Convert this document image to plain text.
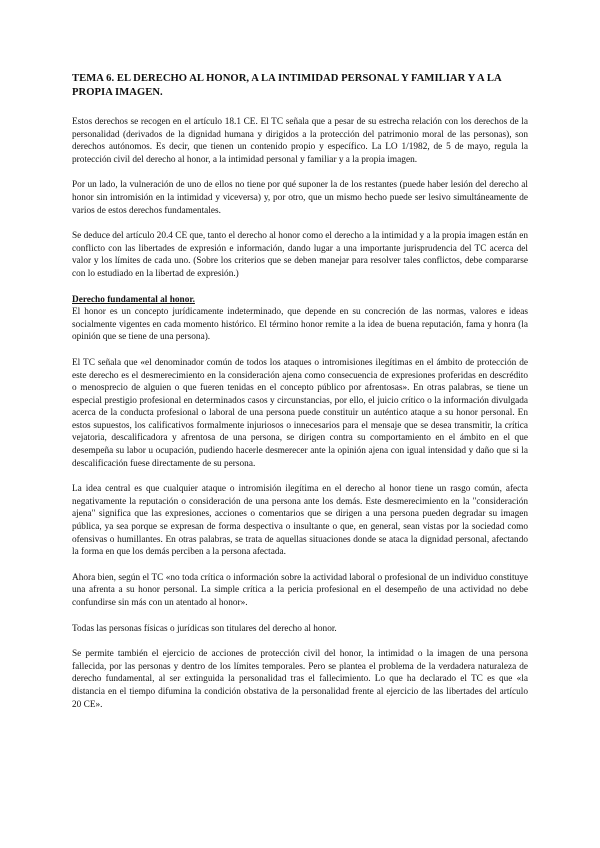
TEMA 6. EL DERECHO AL HONOR, A LA INTIMIDAD PERSONAL Y FAMILIAR Y A LA PROPIA IMAGEN.

Estos derechos se recogen en el artículo 18.1 CE. El TC señala que a pesar de su estrecha relación con los derechos de la personalidad (derivados de la dignidad humana y dirigidos a la protección del patrimonio moral de las personas), son derechos autónomos. Es decir, que tienen un contenido propio y específico. La LO 1/1982, de 5 de mayo, regula la protección civil del derecho al honor, a la intimidad personal y familiar y a la propia imagen.

Por un lado, la vulneración de uno de ellos no tiene por qué suponer la de los restantes (puede haber lesión del derecho al honor sin intromisión en la intimidad y viceversa) y, por otro, que un mismo hecho puede ser lesivo simultáneamente de varios de estos derechos fundamentales.

Se deduce del artículo 20.4 CE que, tanto el derecho al honor como el derecho a la intimidad y a la propia imagen están en conflicto con las libertades de expresión e información, dando lugar a una importante jurisprudencia del TC acerca del valor y los límites de cada uno. (Sobre los criterios que se deben manejar para resolver tales conflictos, debe compararse con lo estudiado en la libertad de expresión.)

Derecho fundamental al honor.

El honor es un concepto jurídicamente indeterminado, que depende en su concreción de las normas, valores e ideas socialmente vigentes en cada momento histórico. El término honor remite a la idea de buena reputación, fama y honra (la opinión que se tiene de una persona).

El TC señala que «el denominador común de todos los ataques o intromisiones ilegítimas en el ámbito de protección de este derecho es el desmerecimiento en la consideración ajena como consecuencia de expresiones proferidas en descrédito o menosprecio de alguien o que fueren tenidas en el concepto público por afrentosas». En otras palabras, se tiene un especial prestigio profesional en determinados casos y circunstancias, por ello, el juicio crítico o la información divulgada acerca de la conducta profesional o laboral de una persona puede constituir un auténtico ataque a su honor personal. En estos supuestos, los calificativos formalmente injuriosos o innecesarios para el mensaje que se desea transmitir, la crítica vejatoria, descalificadora y afrentosa de una persona, se dirigen contra su comportamiento en el ámbito en el que desempeña su labor u ocupación, pudiendo hacerle desmerecer ante la opinión ajena con igual intensidad y daño que si la descalificación fuese directamente de su persona.

La idea central es que cualquier ataque o intromisión ilegítima en el derecho al honor tiene un rasgo común, afecta negativamente la reputación o consideración de una persona ante los demás. Este desmerecimiento en la "consideración ajena" significa que las expresiones, acciones o comentarios que se dirigen a una persona pueden degradar su imagen pública, ya sea porque se expresan de forma despectiva o insultante o que, en general, sean vistas por la sociedad como ofensivas o humillantes. En otras palabras, se trata de aquellas situaciones donde se ataca la dignidad personal, afectando la forma en que los demás perciben a la persona afectada.

Ahora bien, según el TC «no toda crítica o información sobre la actividad laboral o profesional de un individuo constituye una afrenta a su honor personal. La simple crítica a la pericia profesional en el desempeño de una actividad no debe confundirse sin más con un atentado al honor».

Todas las personas físicas o jurídicas son titulares del derecho al honor.

Se permite también el ejercicio de acciones de protección civil del honor, la intimidad o la imagen de una persona fallecida, por las personas y dentro de los límites temporales. Pero se plantea el problema de la verdadera naturaleza de derecho fundamental, al ser extinguida la personalidad tras el fallecimiento. Lo que ha declarado el TC es que «la distancia en el tiempo difumina la condición obstativa de la personalidad frente al ejercicio de las libertades del artículo 20 CE».
